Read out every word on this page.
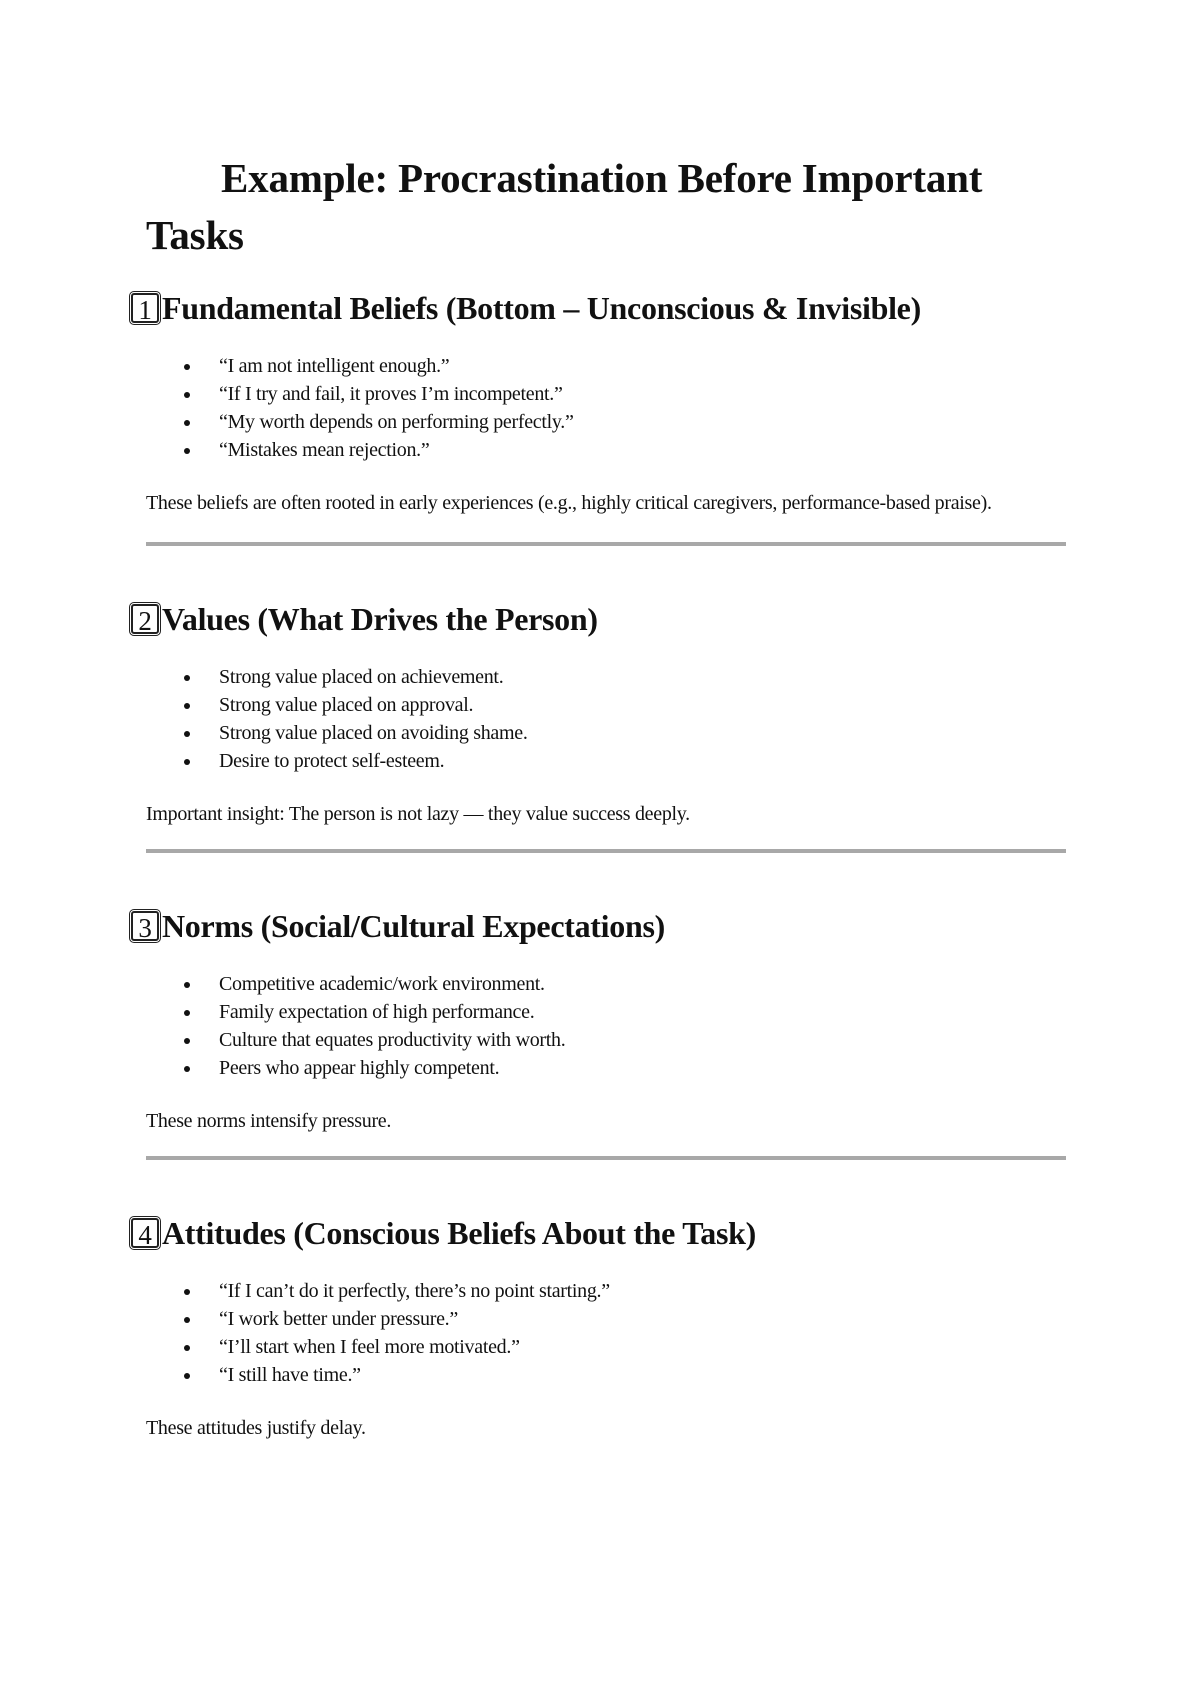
Example: Procrastination Before Important Tasks
1 Fundamental Beliefs (Bottom – Unconscious & Invisible)
“I am not intelligent enough.”
“If I try and fail, it proves I’m incompetent.”
“My worth depends on performing perfectly.”
“Mistakes mean rejection.”

These beliefs are often rooted in early experiences (e.g., highly critical caregivers, performance-based praise).

2 Values (What Drives the Person)
Strong value placed on achievement.
Strong value placed on approval.
Strong value placed on avoiding shame.
Desire to protect self-esteem.

Important insight: The person is not lazy — they value success deeply.

3 Norms (Social/Cultural Expectations)
Competitive academic/work environment.
Family expectation of high performance.
Culture that equates productivity with worth.
Peers who appear highly competent.

These norms intensify pressure.

4 Attitudes (Conscious Beliefs About the Task)
“If I can’t do it perfectly, there’s no point starting.”
“I work better under pressure.”
“I’ll start when I feel more motivated.”
“I still have time.”

These attitudes justify delay.
